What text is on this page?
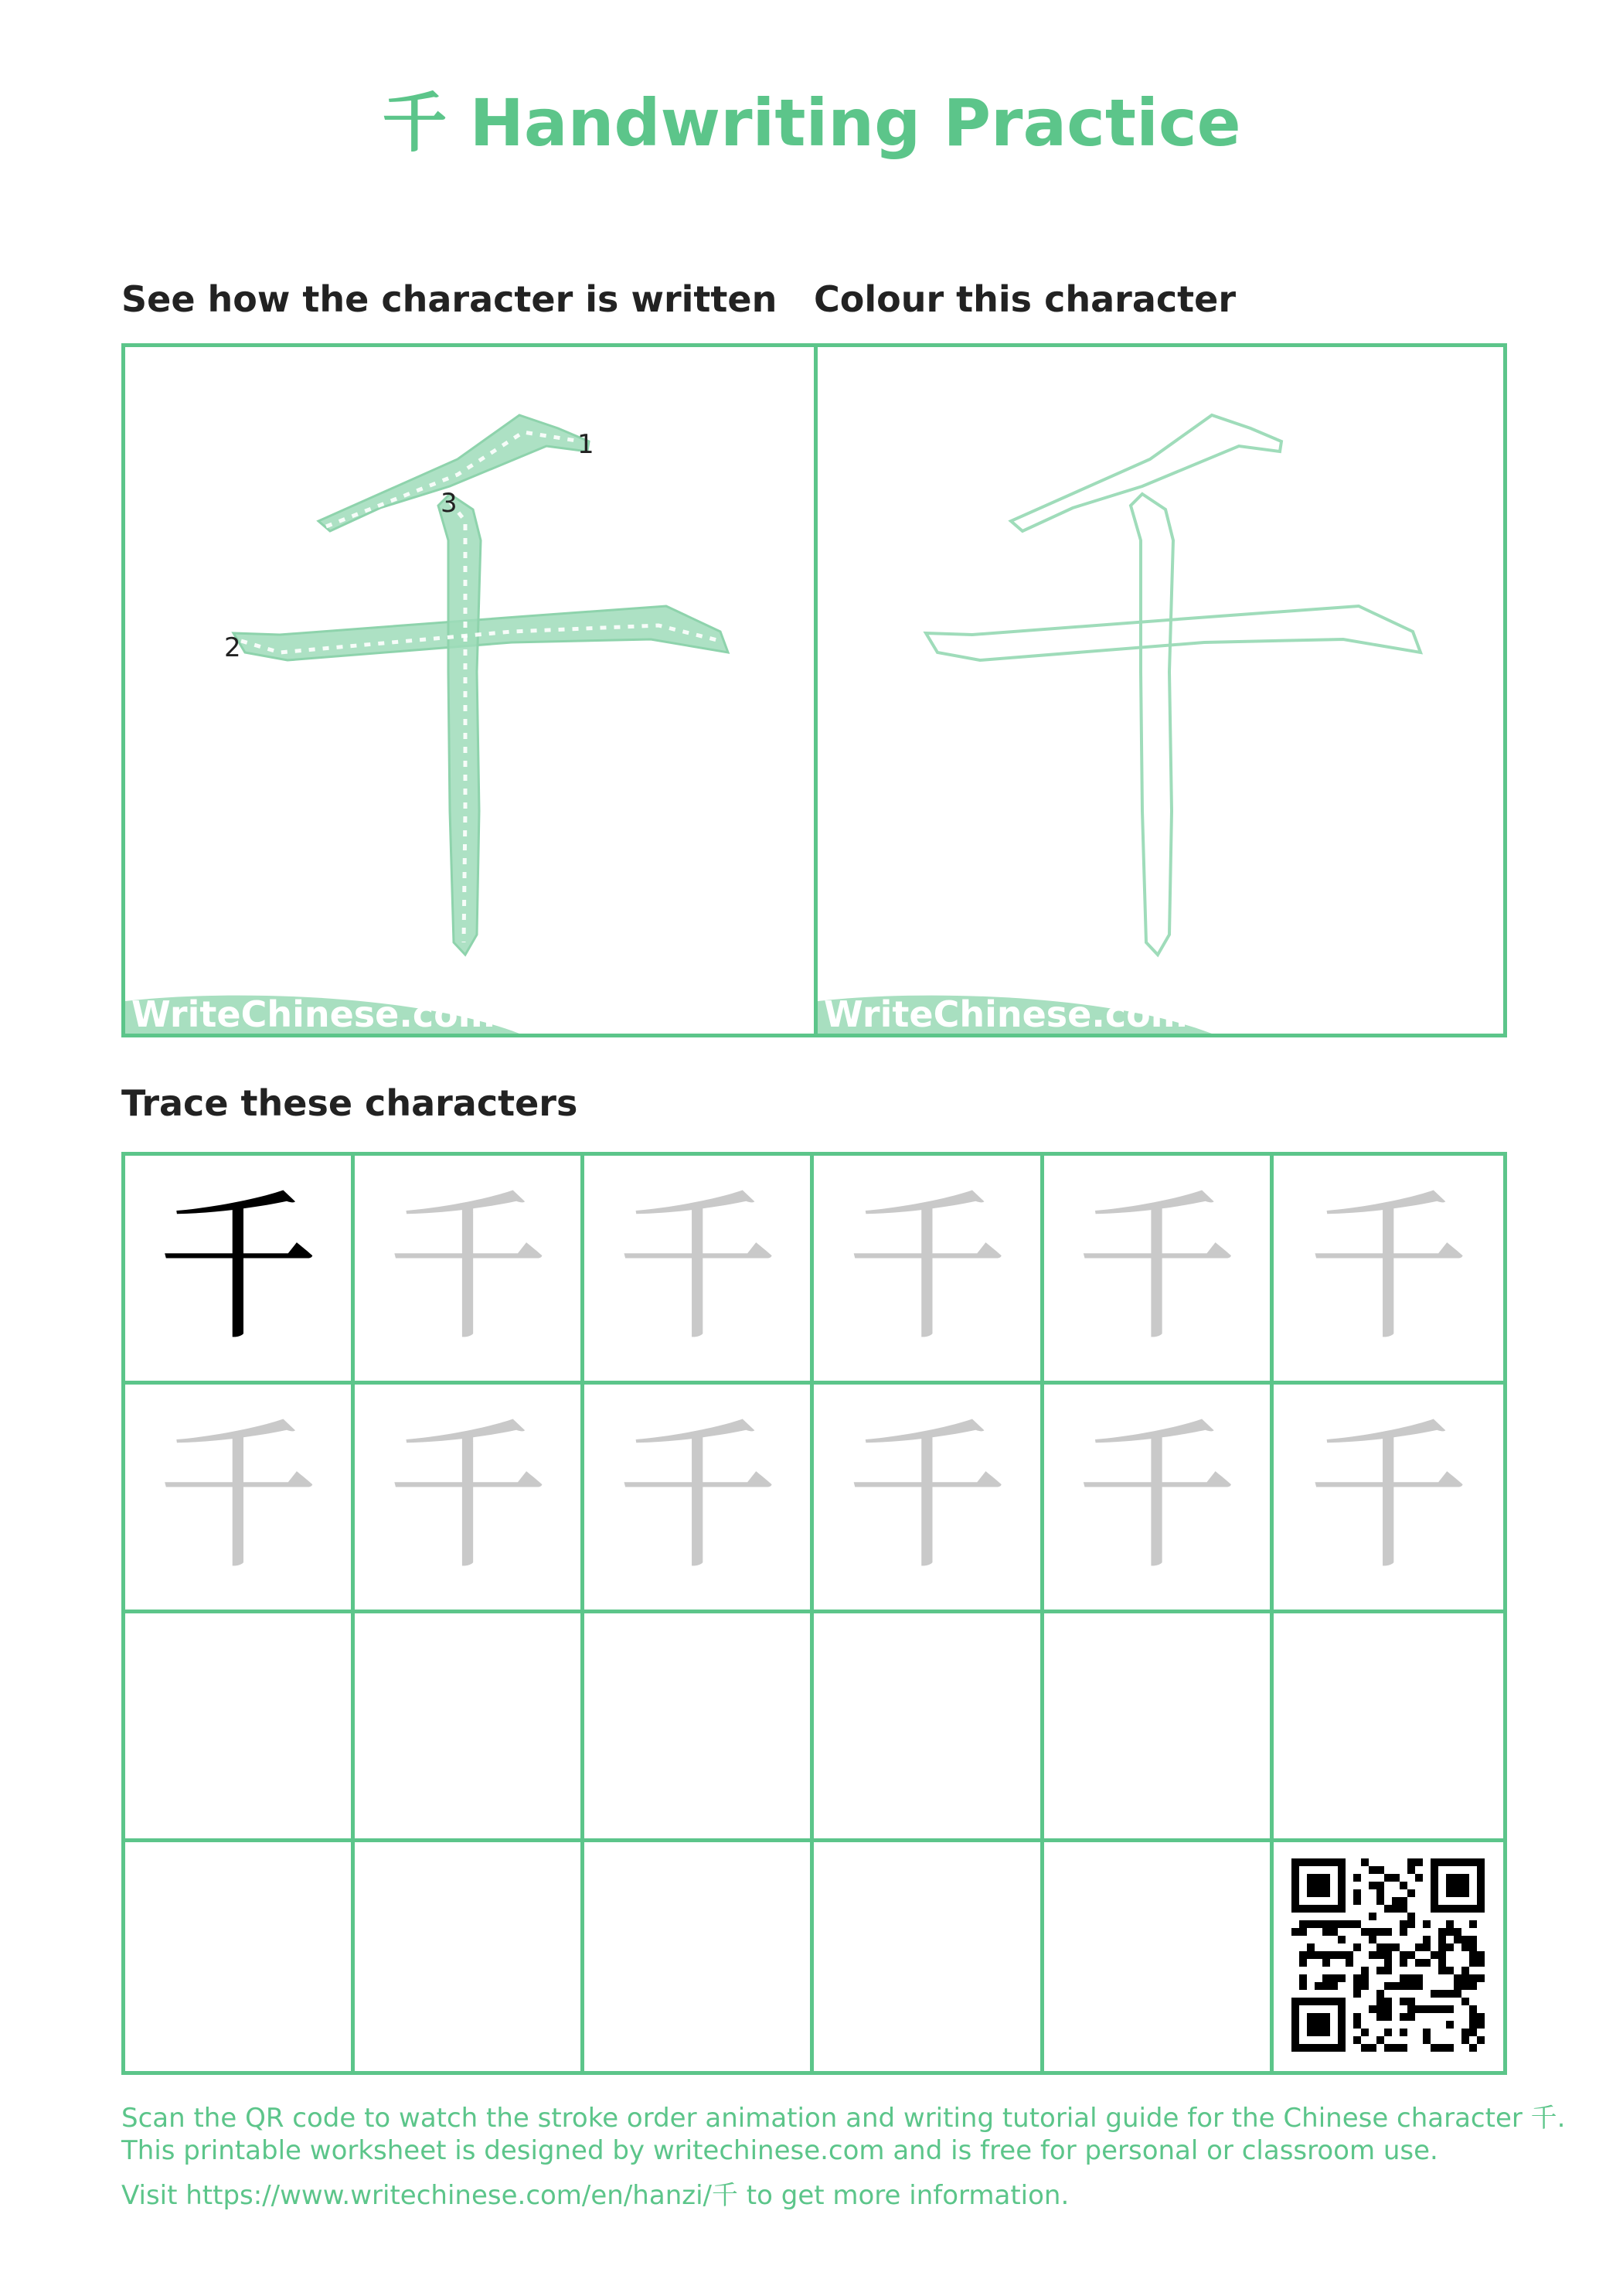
千 Handwriting Practice
See how the character is written Colour this character
1
2
3
WriteChinese.com	WriteChinese.com
Trace these characters
千 千 千 千 千 千
千 千 千 千 千 千
Scan the QR code to watch the stroke order animation and writing tutorial guide for the Chinese character 千.
This printable worksheet is designed by writechinese.com and is free for personal or classroom use.
Visit https://www.writechinese.com/en/hanzi/千 to get more information.
